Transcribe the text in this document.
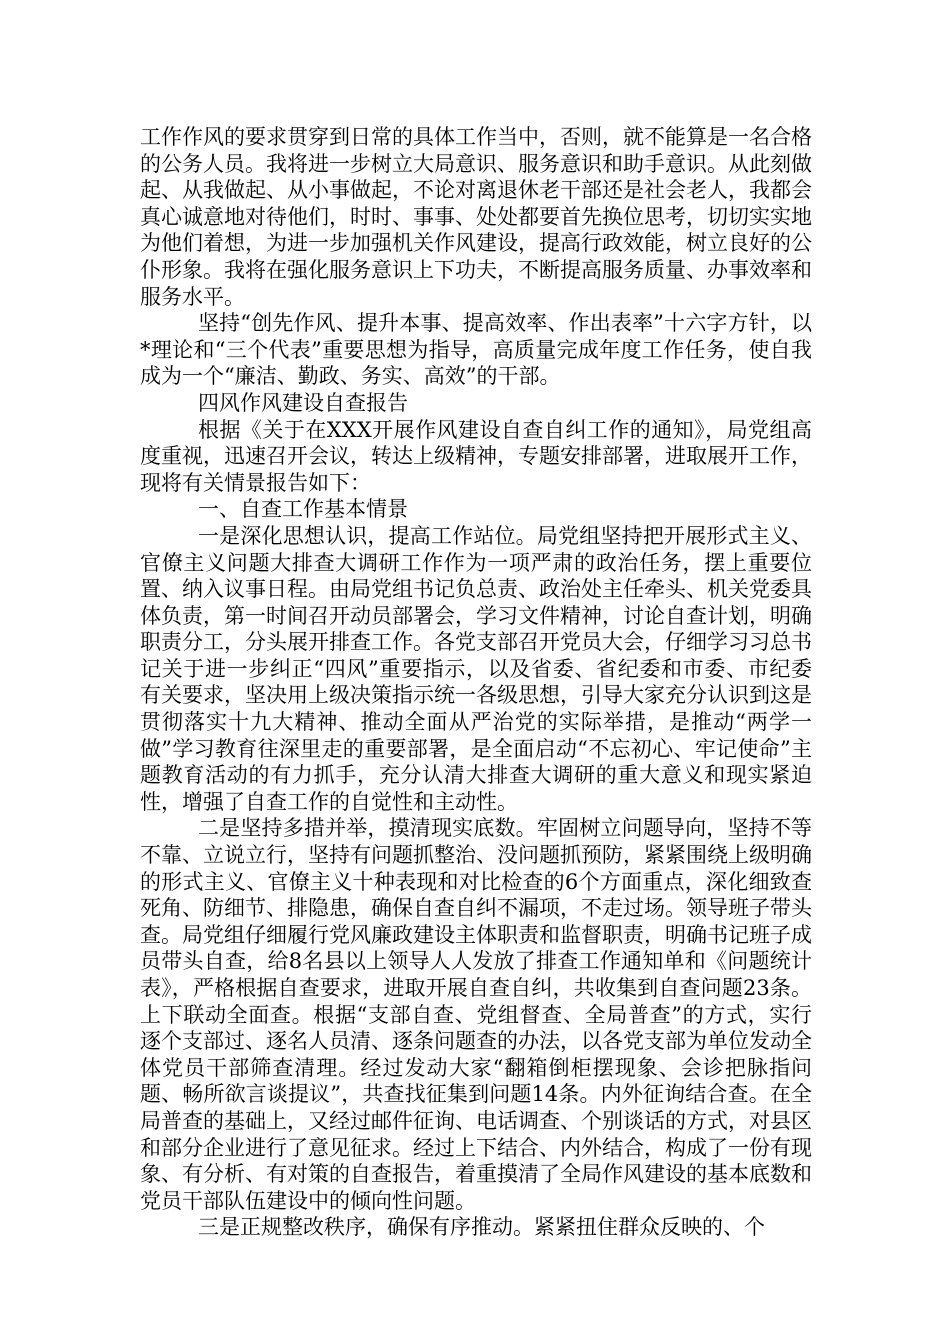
工作作风的要求贯穿到日常的具体工作当中，否则，就不能算是一名合格的公务人员。我将进一步树立大局意识、服务意识和助手意识。从此刻做起、从我做起、从小事做起，不论对离退休老干部还是社会老人，我都会真心诚意地对待他们，时时、事事、处处都要首先换位思考，切切实实地为他们着想，为进一步加强机关作风建设，提高行政效能，树立良好的公仆形象。我将在强化服务意识上下功夫，不断提高服务质量、办事效率和服务水平。

坚持“创先作风、提升本事、提高效率、作出表率”十六字方针，以*理论和“三个代表”重要思想为指导，高质量完成年度工作任务，使自我成为一个“廉洁、勤政、务实、高效”的干部。

四风作风建设自查报告

根据《关于在XXX开展作风建设自查自纠工作的通知》，局党组高度重视，迅速召开会议，转达上级精神，专题安排部署，进取展开工作，现将有关情景报告如下：

一、自查工作基本情景

一是深化思想认识，提高工作站位。局党组坚持把开展形式主义、官僚主义问题大排查大调研工作作为一项严肃的政治任务，摆上重要位置、纳入议事日程。由局党组书记负总责、政治处主任牵头、机关党委具体负责，第一时间召开动员部署会，学习文件精神，讨论自查计划，明确职责分工，分头展开排查工作。各党支部召开党员大会，仔细学习习总书记关于进一步纠正“四风”重要指示，以及省委、省纪委和市委、市纪委有关要求，坚决用上级决策指示统一各级思想，引导大家充分认识到这是贯彻落实十九大精神、推动全面从严治党的实际举措，是推动“两学一做”学习教育往深里走的重要部署，是全面启动“不忘初心、牢记使命”主题教育活动的有力抓手，充分认清大排查大调研的重大意义和现实紧迫性，增强了自查工作的自觉性和主动性。

二是坚持多措并举，摸清现实底数。牢固树立问题导向，坚持不等不靠、立说立行，坚持有问题抓整治、没问题抓预防，紧紧围绕上级明确的形式主义、官僚主义十种表现和对比检查的6个方面重点，深化细致查死角、防细节、排隐患，确保自查自纠不漏项，不走过场。领导班子带头查。局党组仔细履行党风廉政建设主体职责和监督职责，明确书记班子成员带头自查，给8名县以上领导人人发放了排查工作通知单和《问题统计表》，严格根据自查要求，进取开展自查自纠，共收集到自查问题23条。上下联动全面查。根据“支部自查、党组督查、全局普查”的方式，实行逐个支部过、逐名人员清、逐条问题查的办法，以各党支部为单位发动全体党员干部筛查清理。经过发动大家“翻箱倒柜摆现象、会诊把脉指问题、畅所欲言谈提议”，共查找征集到问题14条。内外征询结合查。在全局普查的基础上，又经过邮件征询、电话调查、个别谈话的方式，对县区和部分企业进行了意见征求。经过上下结合、内外结合，构成了一份有现象、有分析、有对策的自查报告，着重摸清了全局作风建设的基本底数和党员干部队伍建设中的倾向性问题。

三是正规整改秩序，确保有序推动。紧紧扭住群众反映的、个
